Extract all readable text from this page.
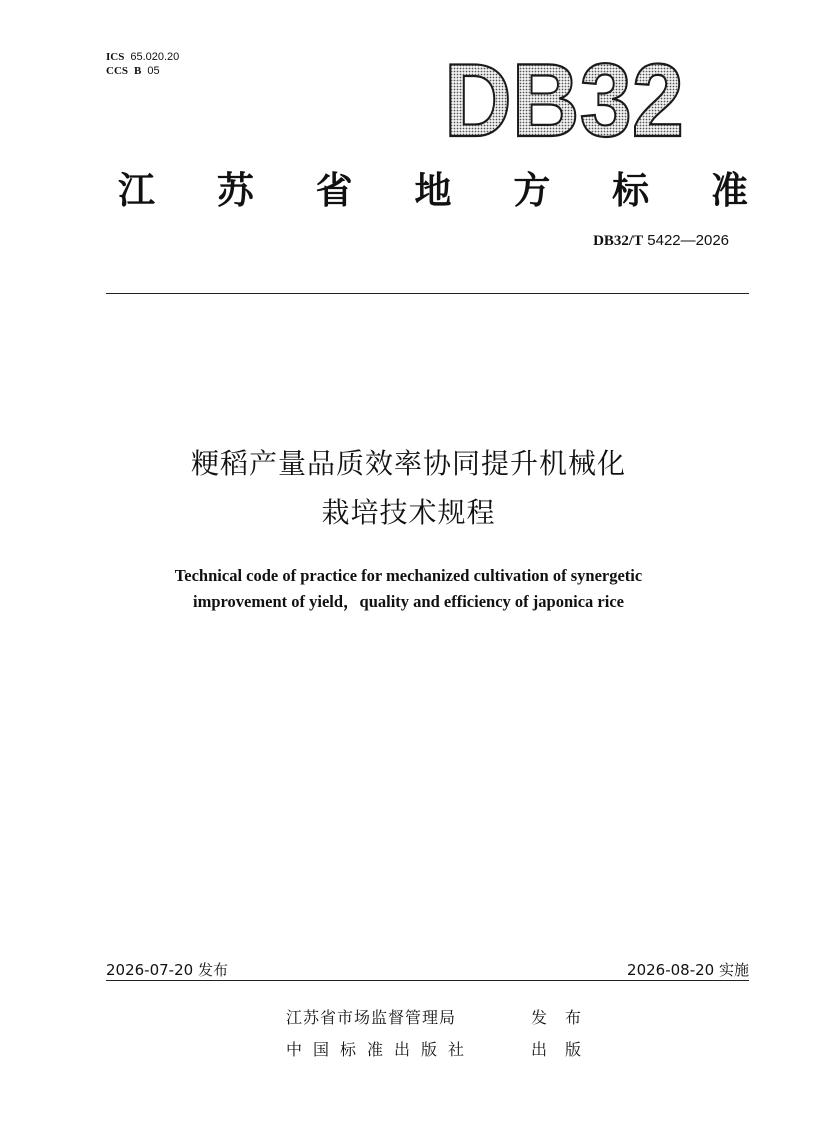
ICS 65.020.20
CCS B 05	DB32
江 苏 省 地 方 标 准
DB32/T 5422—2026
粳稻产量品质效率协同提升机械化
栽培技术规程
Technical code of practice for mechanized cultivation of synergetic
improvement of yield，quality and efficiency of japonica rice
2026-07-20 发布	2026-08-20 实施
江苏省市场监督管理局	发布
中国标准出版社	出版
